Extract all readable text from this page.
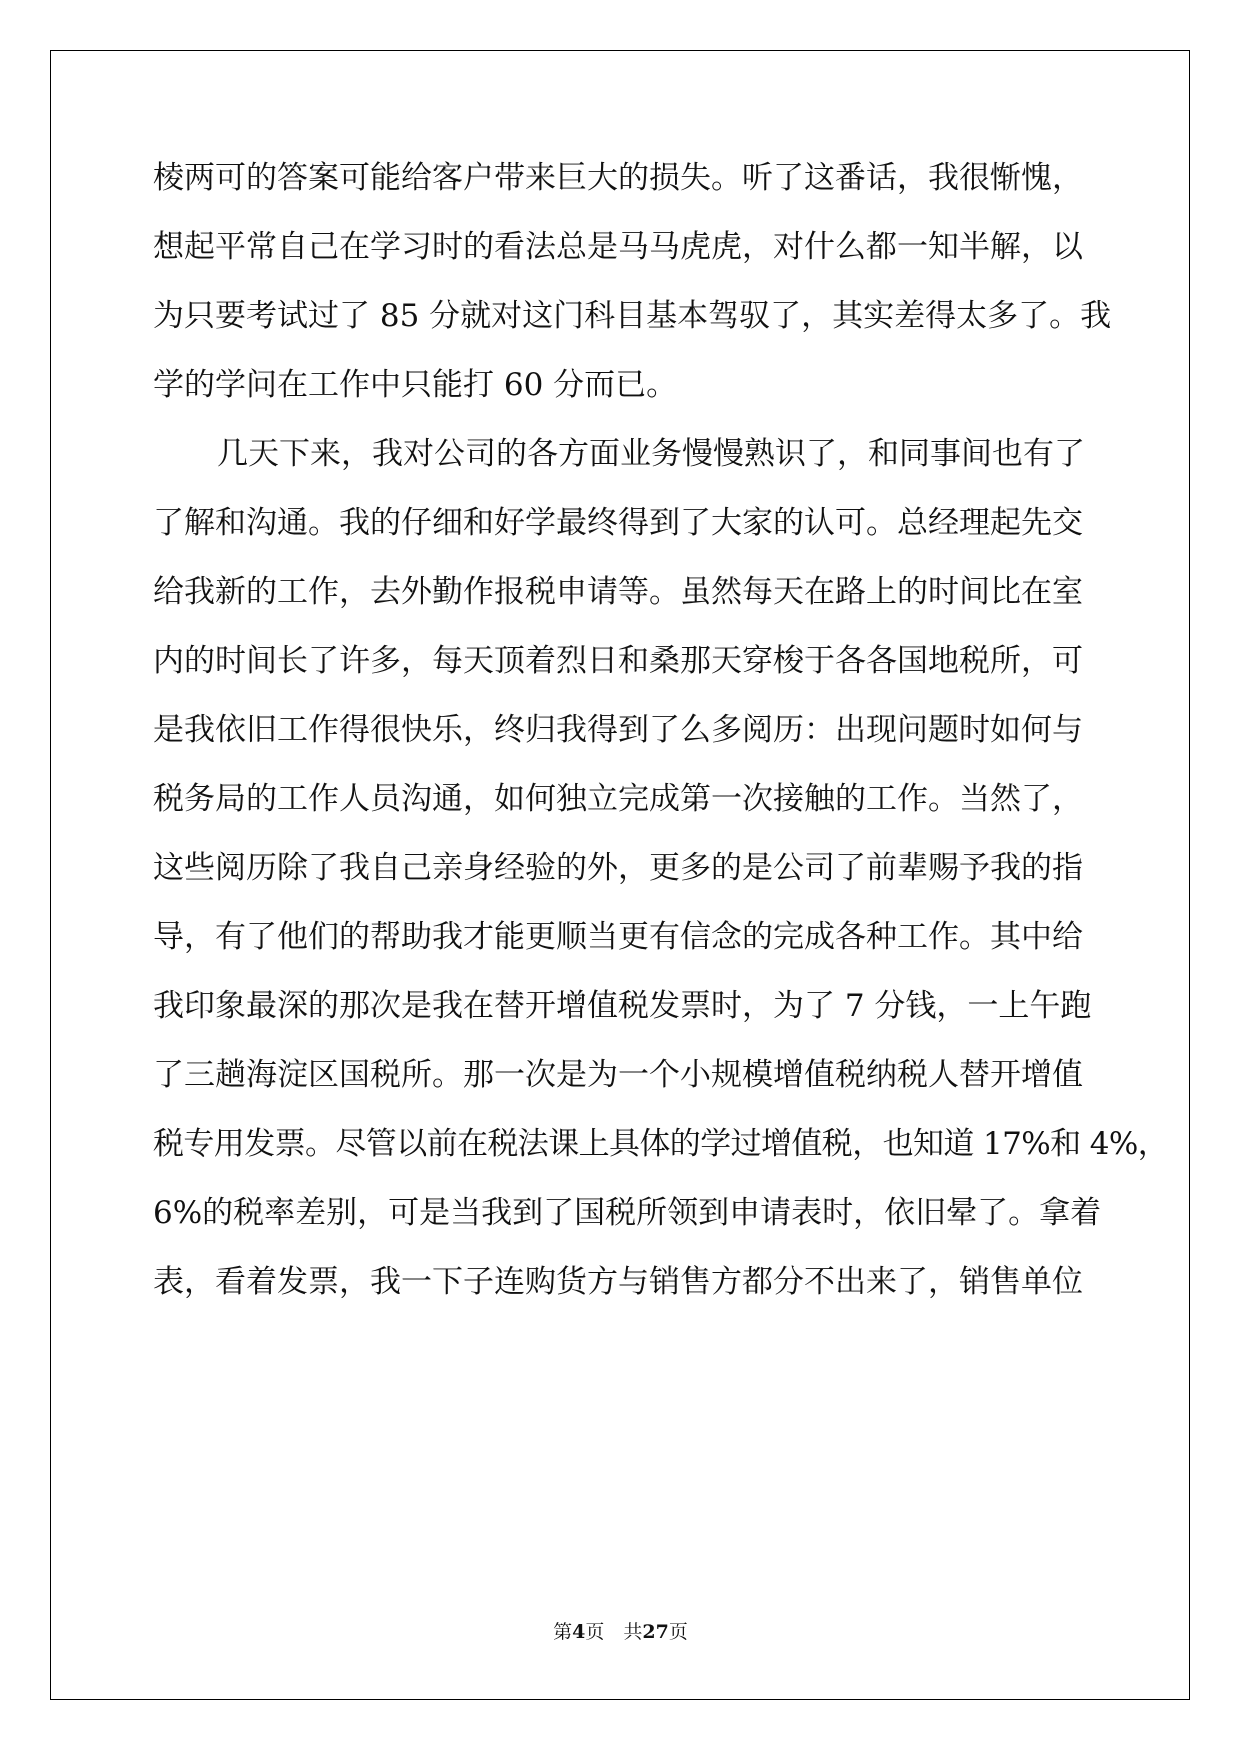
棱两可的答案可能给客户带来巨大的损失。听了这番话，我很惭愧，
想起平常自己在学习时的看法总是马马虎虎，对什么都一知半解，以
为只要考试过了 85 分就对这门科目基本驾驭了，其实差得太多了。我
学的学问在工作中只能打 60 分而已。
几天下来，我对公司的各方面业务慢慢熟识了，和同事间也有了
了解和沟通。我的仔细和好学最终得到了大家的认可。总经理起先交
给我新的工作，去外勤作报税申请等。虽然每天在路上的时间比在室
内的时间长了许多，每天顶着烈日和桑那天穿梭于各各国地税所，可
是我依旧工作得很快乐，终归我得到了么多阅历：出现问题时如何与
税务局的工作人员沟通，如何独立完成第一次接触的工作。当然了，
这些阅历除了我自己亲身经验的外，更多的是公司了前辈赐予我的指
导，有了他们的帮助我才能更顺当更有信念的完成各种工作。其中给
我印象最深的那次是我在替开增值税发票时，为了 7 分钱，一上午跑
了三趟海淀区国税所。那一次是为一个小规模增值税纳税人替开增值
税专用发票。尽管以前在税法课上具体的学过增值税，也知道 17%和 4%，
6%的税率差别，可是当我到了国税所领到申请表时，依旧晕了。拿着
表，看着发票，我一下子连购货方与销售方都分不出来了，销售单位
第4页　共27页
